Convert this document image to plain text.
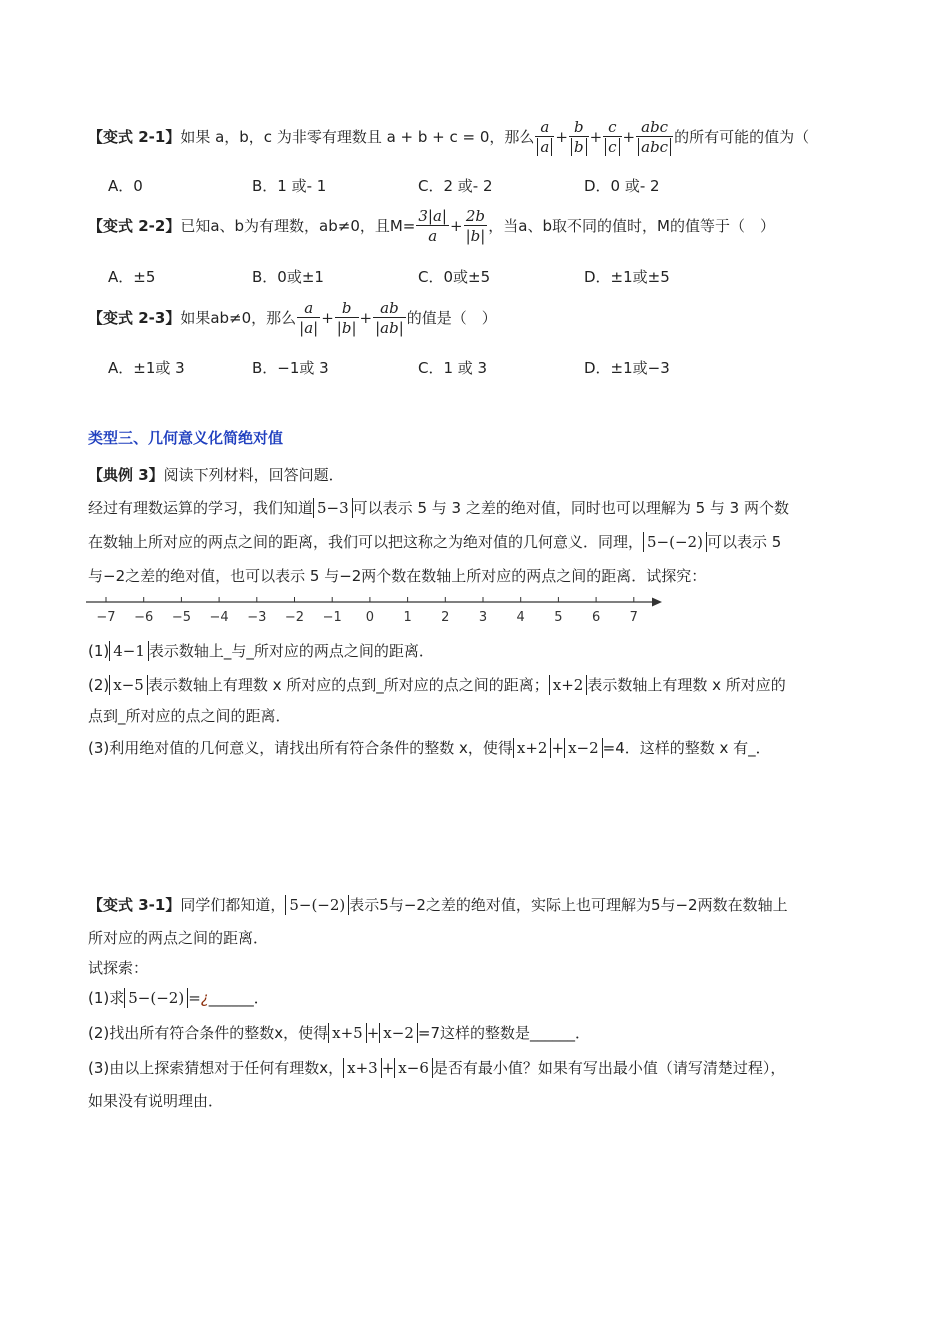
【变式 2-1】如果 a，b，c 为非零有理数且 a + b + c = 0，那么 $\frac{a}{a} + \frac{b}{b} + \frac{c}{c} + \frac{\text{abc}}{\text{abc}}$ 的所有可能的值为（
A．0	B．1 或- 1	C．2 或- 2	D．0 或- 2
【变式 2-2】已知a、b为有理数，ab≠0，且$M= \frac{3|a|}{a} + \frac{2b}{|b|}$ ，当a、b取不同的值时，M的值等于（　）
A．±5	B．0或±1	C．0或±5	D．±1或±5
【变式 2-3】如果ab≠0，那么 $\frac{a}{|a|} + \frac{b}{|b|} + \frac{ab}{|ab|}$ 的值是（　）
A．±1或 3	B．−1或 3	C．1 或 3	D．±1或−3
类型三、几何意义化简绝对值
【典例 3】阅读下列材料，回答问题．
经过有理数运算的学习，我们知道 5−3 可以表示 5 与 3 之差的绝对值，同时也可以理解为 5 与 3 两个数
在数轴上所对应的两点之间的距离，我们可以把这称之为绝对值的几何意义．同理， 5−(−2) 可以表示 5
与−2之差的绝对值，也可以表示 5 与−2两个数在数轴上所对应的两点之间的距离．试探究：
−7 −6 −5 −4 −3 −2 −1 0 1 2 3 4 5 6 7
(1) 4−1 表示数轴上_与_所对应的两点之间的距离．
(2) x−5 表示数轴上有理数 x 所对应的点到_所对应的点之间的距离； x+2 表示数轴上有理数 x 所对应的
点到_所对应的点之间的距离．
(3)利用绝对值的几何意义，请找出所有符合条件的整数 x，使得 x+2 + x−2 =4．这样的整数 x 有_．
【变式 3-1】同学们都知道， 5−(−2) 表示5与−2之差的绝对值，实际上也可理解为5与−2两数在数轴上
所对应的两点之间的距离．
试探索：
(1)求 5−(−2) =¿______．
(2)找出所有符合条件的整数x，使得 x+5 + x−2 =7这样的整数是______．
(3)由以上探索猜想对于任何有理数x， x+3 + x−6 是否有最小值？如果有写出最小值（请写清楚过程），
如果没有说明理由．
